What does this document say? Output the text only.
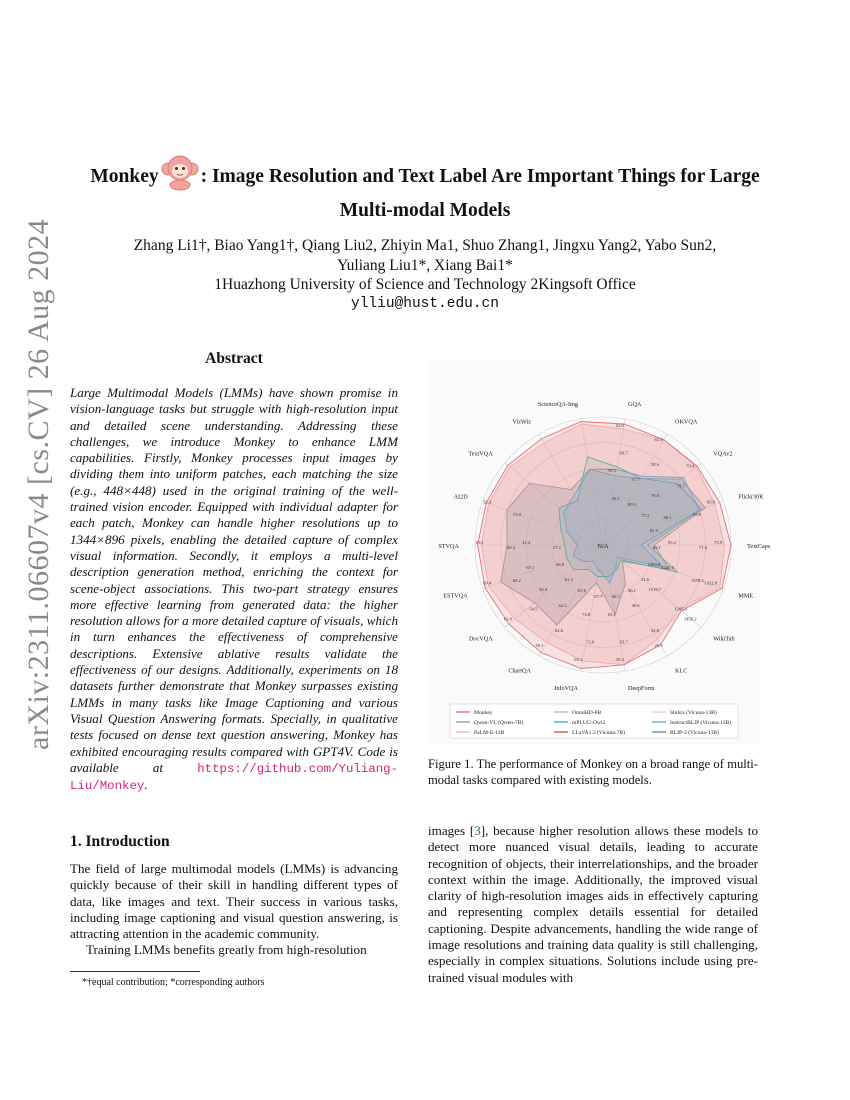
arXiv:2311.06607v4 [cs.CV] 26 Aug 2024
Monkey : Image Resolution and Text Label Are Important Things for Large
Multi-modal Models
Zhang Li1†, Biao Yang1†, Qiang Liu2, Zhiyin Ma1, Shuo Zhang1, Jingxu Yang2, Yabo Sun2,
Yuliang Liu1*, Xiang Bai1*
1Huazhong University of Science and Technology 2Kingsoft Office
ylliu@hust.edu.cn
Abstract
Large Multimodal Models (LMMs) have shown promise in vision-language tasks but struggle with high-resolution input and detailed scene understanding. Addressing these challenges, we introduce Monkey to enhance LMM capabilities. Firstly, Monkey processes input images by dividing them into uniform patches, each matching the size (e.g., 448×448) used in the original training of the well-trained vision encoder. Equipped with individual adapter for each patch, Monkey can handle higher resolutions up to 1344×896 pixels, enabling the detailed capture of complex visual information. Secondly, it employs a multi-level description generation method, enriching the context for scene-object associations. This two-part strategy ensures more effective learning from generated data: the higher resolution allows for a more detailed capture of visuals, which in turn enhances the effectiveness of comprehensive descriptions. Extensive ablative results validate the effectiveness of our designs. Additionally, experiments on 18 datasets further demonstrate that Monkey surpasses existing LMMs in many tasks like Image Captioning and various Visual Question Answering formats. Specially, in qualitative tests focused on dense text question answering, Monkey has exhibited encouraging results compared with GPT4V. Code is available at	https://github.com/Yuliang-Liu/Monkey.
1. Introduction

The field of large multimodal models (LMMs) is advancing quickly because of their skill in handling different types of data, like images and text. Their success in various tasks, including image captioning and visual question answering, is attracting attention in the academic community.

Training LMMs benefits greatly from high-resolution

*†equal contribution; *corresponding authors
GQA
OKVQA
VQAv2
Flickr30K
TextCaps
MME
WikiTab
KLC
DeepForm
InfoVQA
ChartQA
DocVQA
ESTVQA
STVQA
AI2D
TextVQA
VizWiz
ScienceQA-Img
62.8
60.7
59.3
56.1
61.3
58.6
57.7
80.3
79.4
79.5
78.8
77.2
65.0
85.8
86.1
81.9
73.9
71.6
93.2
65.1
1312.8
1359.3
1245.0
1293.8
1450.2
1505.3
1510.7
21.6
25.3
32.8
40.6
36.1
35.4
65.7
65.1
66.5
65.1
72.6
72.8
67.7
59.1
62.6
62.3
67.6
63.8
54.5
50.0
61.2
69.4
68.2
67.1
66.8
63.1
60.3
31.4
27.1
32.3
15.9
N/A
Monkey
Qwen-VL (Qwen-7B)
PaLM-E-12B
OmniHD-8B
mPLUG-Owl2
LLaVA1.5 (Vicuna-7B)
Shikra (Vicuna-13B)
InstructBLIP (Vicuna-13B)
BLIP-2 (Vicuna-13B)
Figure 1. The performance of Monkey on a broad range of multi-modal tasks compared with existing models.
images [3], because higher resolution allows these models to detect more nuanced visual details, leading to accurate recognition of objects, their interrelationships, and the broader context within the image. Additionally, the improved visual clarity of high-resolution images aids in effectively capturing and representing complex details essential for detailed captioning. Despite advancements, handling the wide range of image resolutions and training data quality is still challenging, especially in complex situations. Solutions include using pre-trained visual modules with
